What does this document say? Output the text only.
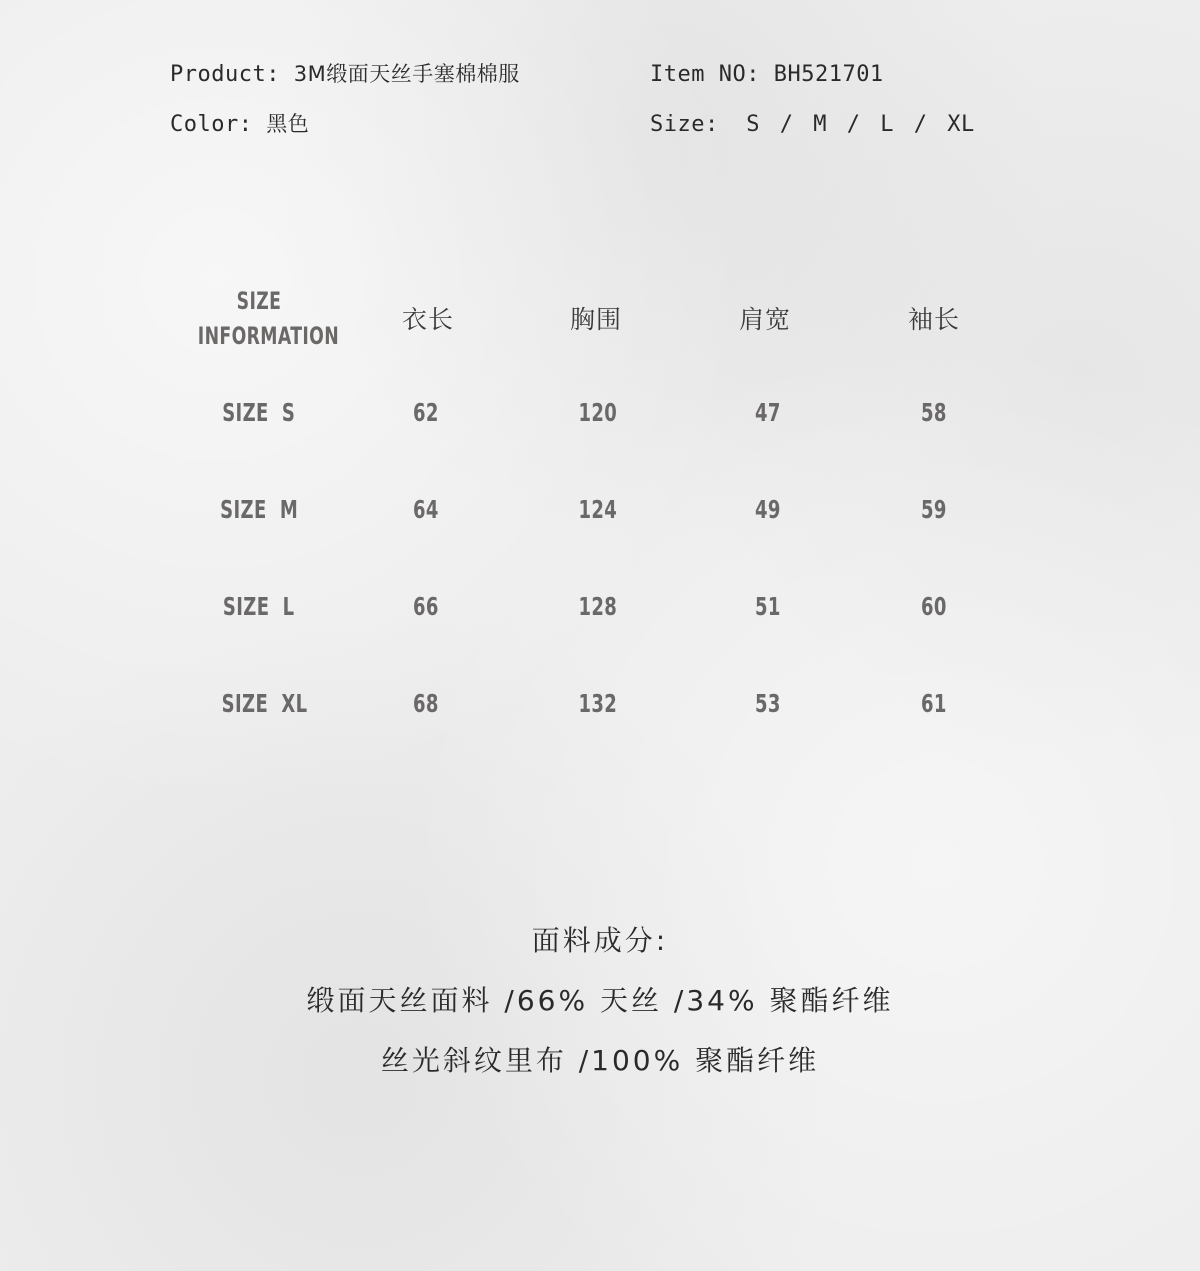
Product: 3M缎面天丝手塞棉棉服
Color: 黑色
Item NO: BH521701
Size: S / M / L / XL
SIZE
INFORMATION
衣长	胸围	肩宽	袖长
SIZE  S	62	120	47	58
SIZE  M	64	124	49	59
SIZE  L	66	128	51	60
SIZE  XL	68	132	53	61
面料成分:
缎面天丝面料 /66% 天丝 /34% 聚酯纤维
丝光斜纹里布 /100% 聚酯纤维
